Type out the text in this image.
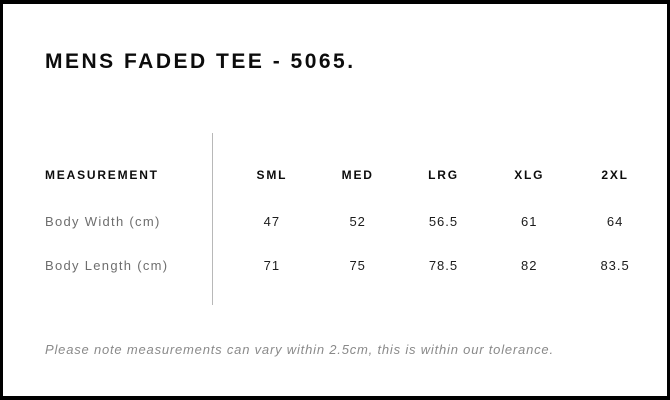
MENS FADED TEE - 5065.
MEASUREMENT	SML	MED	LRG	XLG	2XL
Body Width (cm)	47	52	56.5	61	64
Body Length (cm)	71	75	78.5	82	83.5

Please note measurements can vary within 2.5cm, this is within our tolerance.
